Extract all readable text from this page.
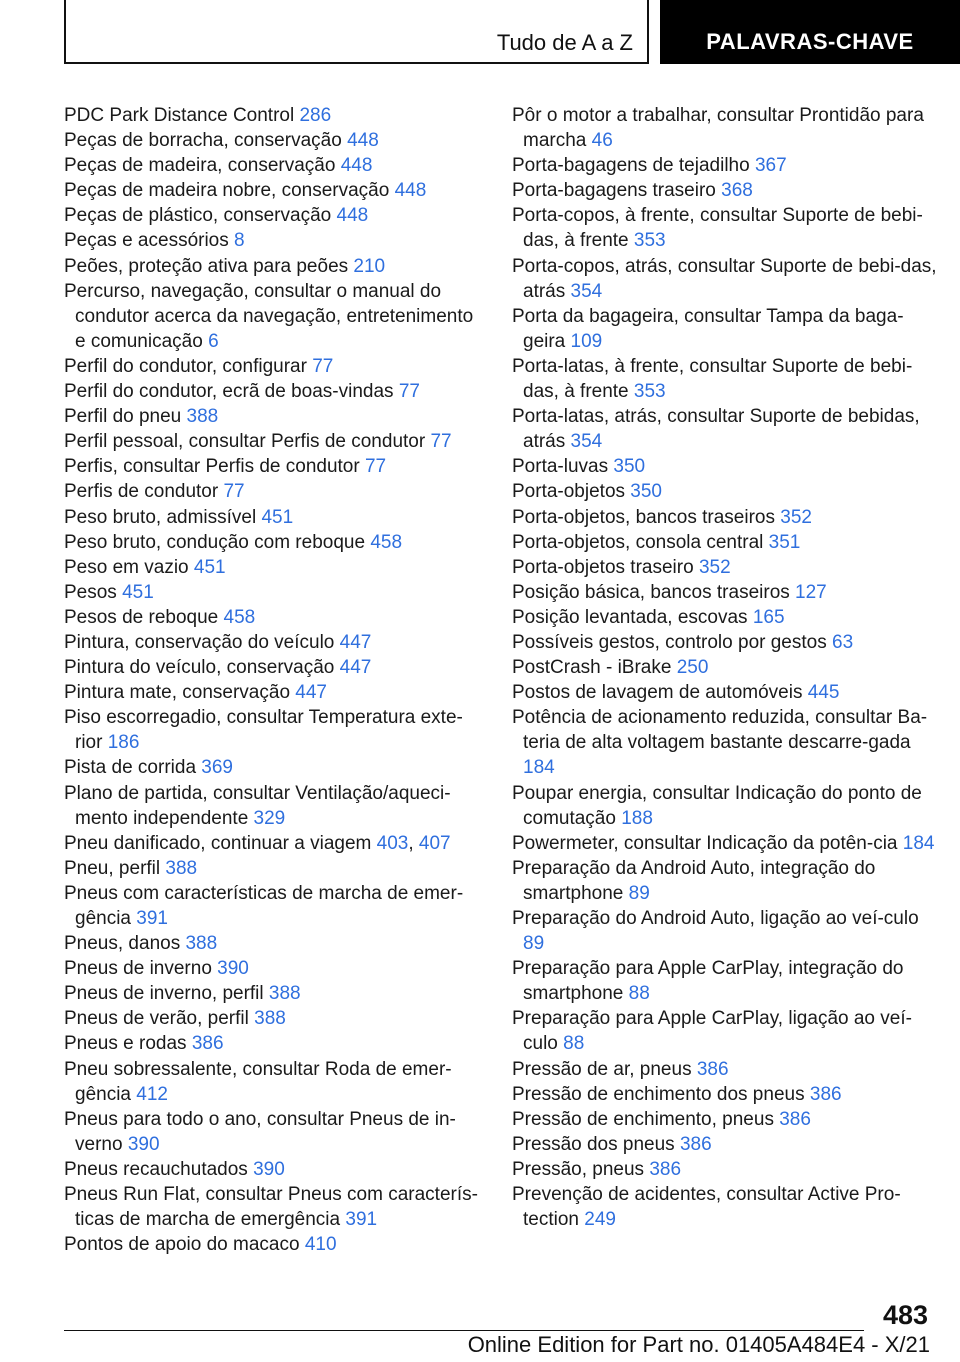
Tudo de A a Z	PALAVRAS-CHAVE
PDC Park Distance Control 286
Peças de borracha, conservação 448
Peças de madeira, conservação 448
Peças de madeira nobre, conservação 448
Peças de plástico, conservação 448
Peças e acessórios 8
Peões, proteção ativa para peões 210
Percurso, navegação, consultar o manual do condutor acerca da navegação, entretenimento e comunicação 6
Perfil do condutor, configurar 77
Perfil do condutor, ecrã de boas-vindas 77
Perfil do pneu 388
Perfil pessoal, consultar Perfis de condutor 77
Perfis, consultar Perfis de condutor 77
Perfis de condutor 77
Peso bruto, admissível 451
Peso bruto, condução com reboque 458
Peso em vazio 451
Pesos 451
Pesos de reboque 458
Pintura, conservação do veículo 447
Pintura do veículo, conservação 447
Pintura mate, conservação 447
Piso escorregadio, consultar Temperatura exte-rior 186
Pista de corrida 369
Plano de partida, consultar Ventilação/aqueci-mento independente 329
Pneu danificado, continuar a viagem 403, 407
Pneu, perfil 388
Pneus com características de marcha de emer-gência 391
Pneus, danos 388
Pneus de inverno 390
Pneus de inverno, perfil 388
Pneus de verão, perfil 388
Pneus e rodas 386
Pneu sobressalente, consultar Roda de emer-gência 412
Pneus para todo o ano, consultar Pneus de in-verno 390
Pneus recauchutados 390
Pneus Run Flat, consultar Pneus com caracterís-ticas de marcha de emergência 391
Pontos de apoio do macaco 410
Pôr o motor a trabalhar, consultar Prontidão para marcha 46
Porta-bagagens de tejadilho 367
Porta-bagagens traseiro 368
Porta-copos, à frente, consultar Suporte de bebi-das, à frente 353
Porta-copos, atrás, consultar Suporte de bebi-das, atrás 354
Porta da bagageira, consultar Tampa da baga-geira 109
Porta-latas, à frente, consultar Suporte de bebi-das, à frente 353
Porta-latas, atrás, consultar Suporte de bebidas, atrás 354
Porta-luvas 350
Porta-objetos 350
Porta-objetos, bancos traseiros 352
Porta-objetos, consola central 351
Porta-objetos traseiro 352
Posição básica, bancos traseiros 127
Posição levantada, escovas 165
Possíveis gestos, controlo por gestos 63
PostCrash - iBrake 250
Postos de lavagem de automóveis 445
Potência de acionamento reduzida, consultar Ba-teria de alta voltagem bastante descarre-gada 184
Poupar energia, consultar Indicação do ponto de comutação 188
Powermeter, consultar Indicação da potên-cia 184
Preparação da Android Auto, integração do smartphone 89
Preparação do Android Auto, ligação ao veí-culo 89
Preparação para Apple CarPlay, integração do smartphone 88
Preparação para Apple CarPlay, ligação ao veí-culo 88
Pressão de ar, pneus 386
Pressão de enchimento dos pneus 386
Pressão de enchimento, pneus 386
Pressão dos pneus 386
Pressão, pneus 386
Prevenção de acidentes, consultar Active Pro-tection 249
483
Online Edition for Part no. 01405A484E4 - X/21
